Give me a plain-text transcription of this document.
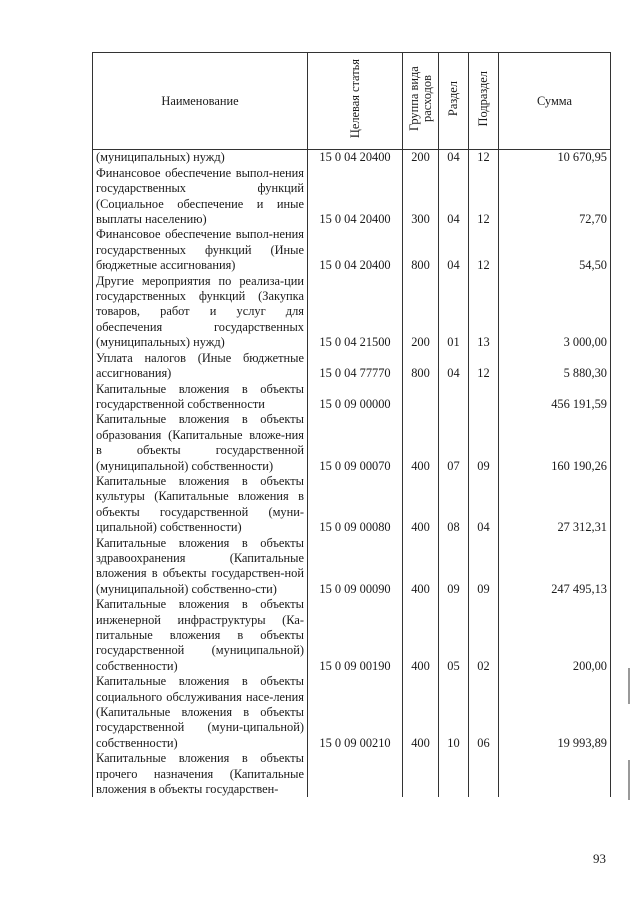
Наименование	Целевая статья	Группа вида расходов	Раздел	Подраздел	Сумма
(муниципальных) нужд)	15 0 04 20400	200	04	12	10 670,95
Финансовое обеспечение выпол-нения государственных функций (Социальное обеспечение и иные выплаты населению)	15 0 04 20400	300	04	12	72,70
Финансовое обеспечение выпол-нения государственных функций (Иные бюджетные ассигнования)	15 0 04 20400	800	04	12	54,50
Другие мероприятия по реализа-ции государственных функций (Закупка товаров, работ и услуг для обеспечения государственных (муниципальных) нужд)	15 0 04 21500	200	01	13	3 000,00
Уплата налогов (Иные бюджетные ассигнования)	15 0 04 77770	800	04	12	5 880,30
Капитальные вложения в объекты государственной собственности	15 0 09 00000				456 191,59
Капитальные вложения в объекты образования (Капитальные вложе-ния в объекты государственной (муниципальной) собственности)	15 0 09 00070	400	07	09	160 190,26
Капитальные вложения в объекты культуры (Капитальные вложения в объекты государственной (муни-ципальной) собственности)	15 0 09 00080	400	08	04	27 312,31
Капитальные вложения в объекты здравоохранения (Капитальные вложения в объекты государствен-ной (муниципальной) собственно-сти)	15 0 09 00090	400	09	09	247 495,13
Капитальные вложения в объекты инженерной инфраструктуры (Ка-питальные вложения в объекты государственной (муниципальной) собственности)	15 0 09 00190	400	05	02	200,00
Капитальные вложения в объекты социального обслуживания насе-ления (Капитальные вложения в объекты государственной (муни-ципальной) собственности)	15 0 09 00210	400	10	06	19 993,89
Капитальные вложения в объекты прочего назначения (Капитальные вложения в объекты государствен-					
93
